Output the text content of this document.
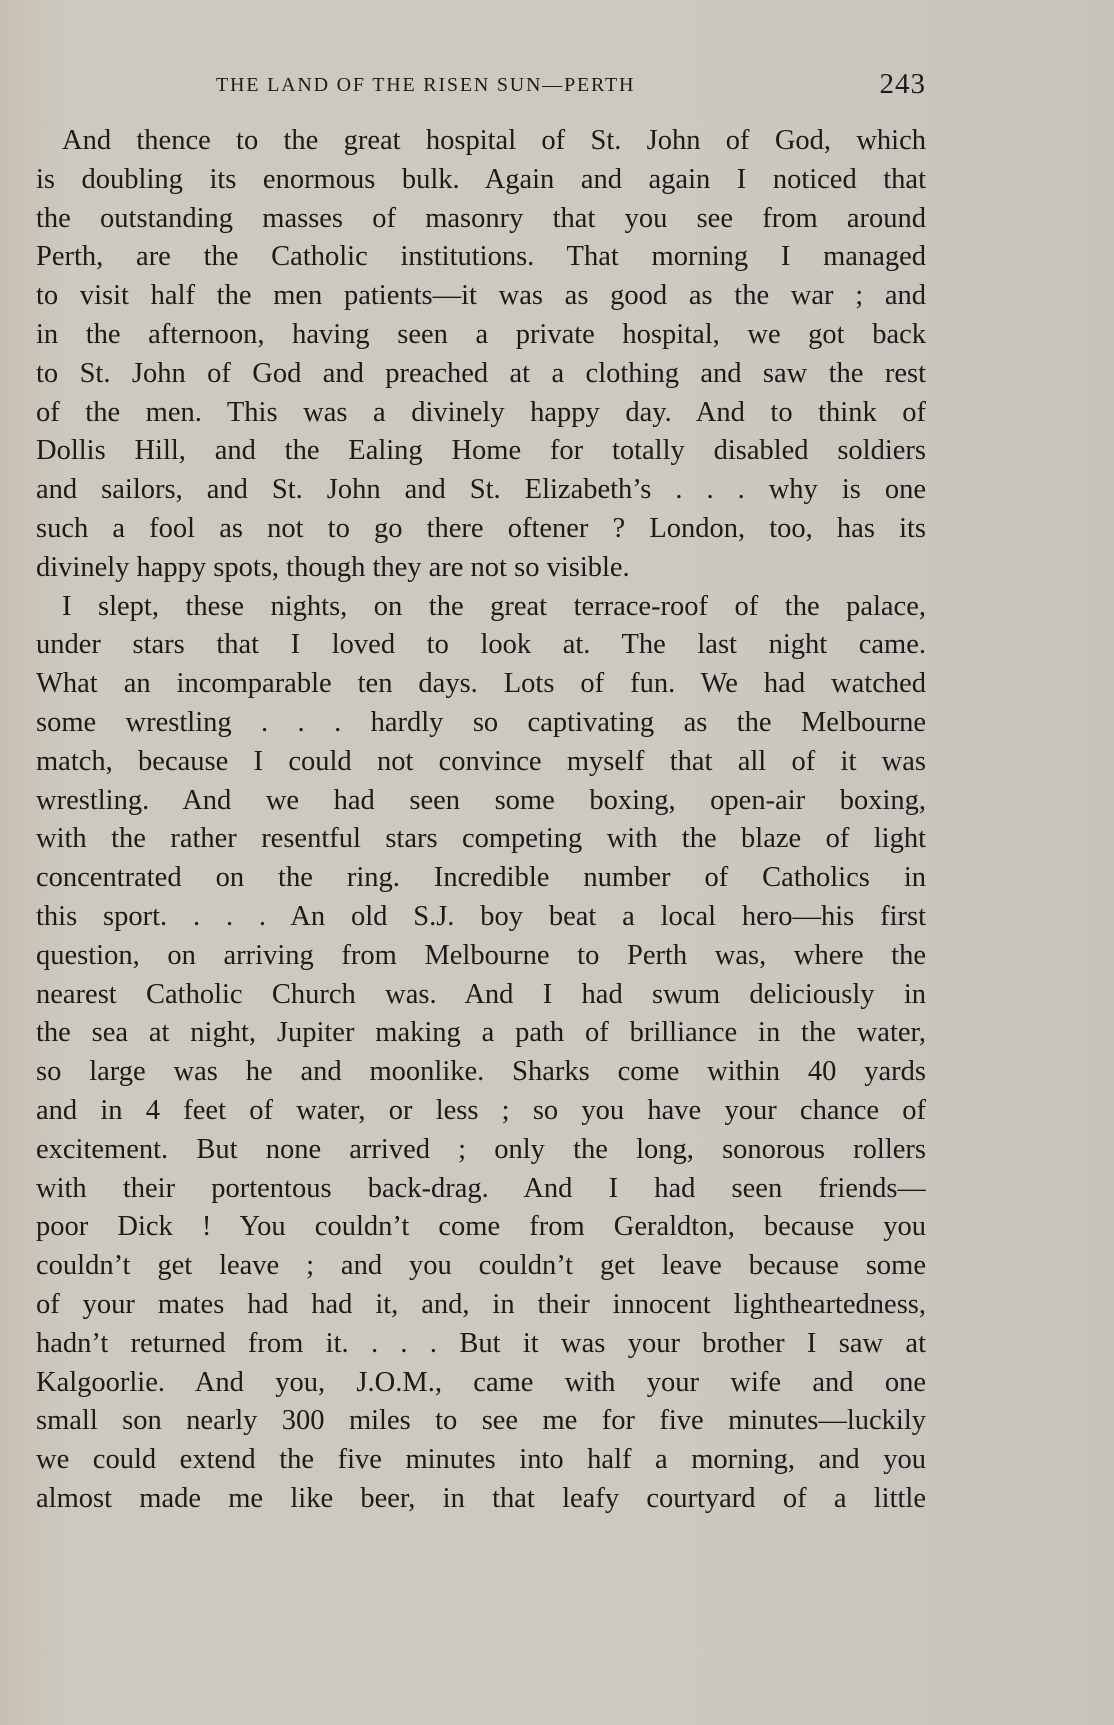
THE LAND OF THE RISEN SUN—PERTH	243
And thence to the great hospital of St. John of God, which
is doubling its enormous bulk. Again and again I noticed that
the outstanding masses of masonry that you see from around
Perth, are the Catholic institutions. That morning I managed
to visit half the men patients—it was as good as the war ; and
in the afternoon, having seen a private hospital, we got back
to St. John of God and preached at a clothing and saw the rest
of the men. This was a divinely happy day. And to think of
Dollis Hill, and the Ealing Home for totally disabled soldiers
and sailors, and St. John and St. Elizabeth’s . . . why is one
such a fool as not to go there oftener ? London, too, has its
divinely happy spots, though they are not so visible.
I slept, these nights, on the great terrace-roof of the palace,
under stars that I loved to look at. The last night came.
What an incomparable ten days. Lots of fun. We had watched
some wrestling . . . hardly so captivating as the Melbourne
match, because I could not convince myself that all of it was
wrestling. And we had seen some boxing, open-air boxing,
with the rather resentful stars competing with the blaze of light
concentrated on the ring. Incredible number of Catholics in
this sport. . . . An old S.J. boy beat a local hero—his first
question, on arriving from Melbourne to Perth was, where the
nearest Catholic Church was. And I had swum deliciously in
the sea at night, Jupiter making a path of brilliance in the water,
so large was he and moonlike. Sharks come within 40 yards
and in 4 feet of water, or less ; so you have your chance of
excitement. But none arrived ; only the long, sonorous rollers
with their portentous back-drag. And I had seen friends—
poor Dick ! You couldn’t come from Geraldton, because you
couldn’t get leave ; and you couldn’t get leave because some
of your mates had had it, and, in their innocent lightheartedness,
hadn’t returned from it. . . . But it was your brother I saw at
Kalgoorlie. And you, J.O.M., came with your wife and one
small son nearly 300 miles to see me for five minutes—luckily
we could extend the five minutes into half a morning, and you
almost made me like beer, in that leafy courtyard of a little
